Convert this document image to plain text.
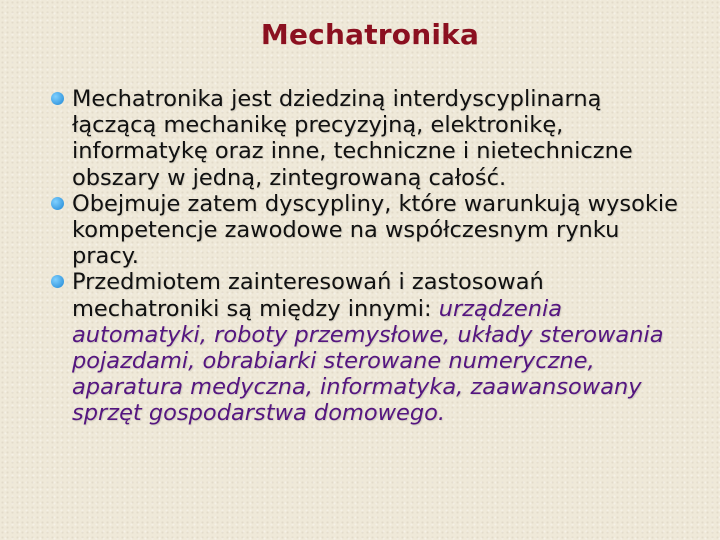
Mechatronika
Mechatronika jest dziedziną interdyscyplinarną łączącą mechanikę precyzyjną, elektronikę, informatykę oraz inne, techniczne i nietechniczne obszary w jedną, zintegrowaną całość.
Obejmuje zatem dyscypliny, które warunkują wysokie kompetencje zawodowe na współczesnym rynku pracy.
Przedmiotem zainteresowań i zastosowań mechatroniki są między innymi: urządzenia automatyki, roboty przemysłowe, układy sterowania pojazdami, obrabiarki sterowane numeryczne, aparatura medyczna, informatyka, zaawansowany sprzęt gospodarstwa domowego.
